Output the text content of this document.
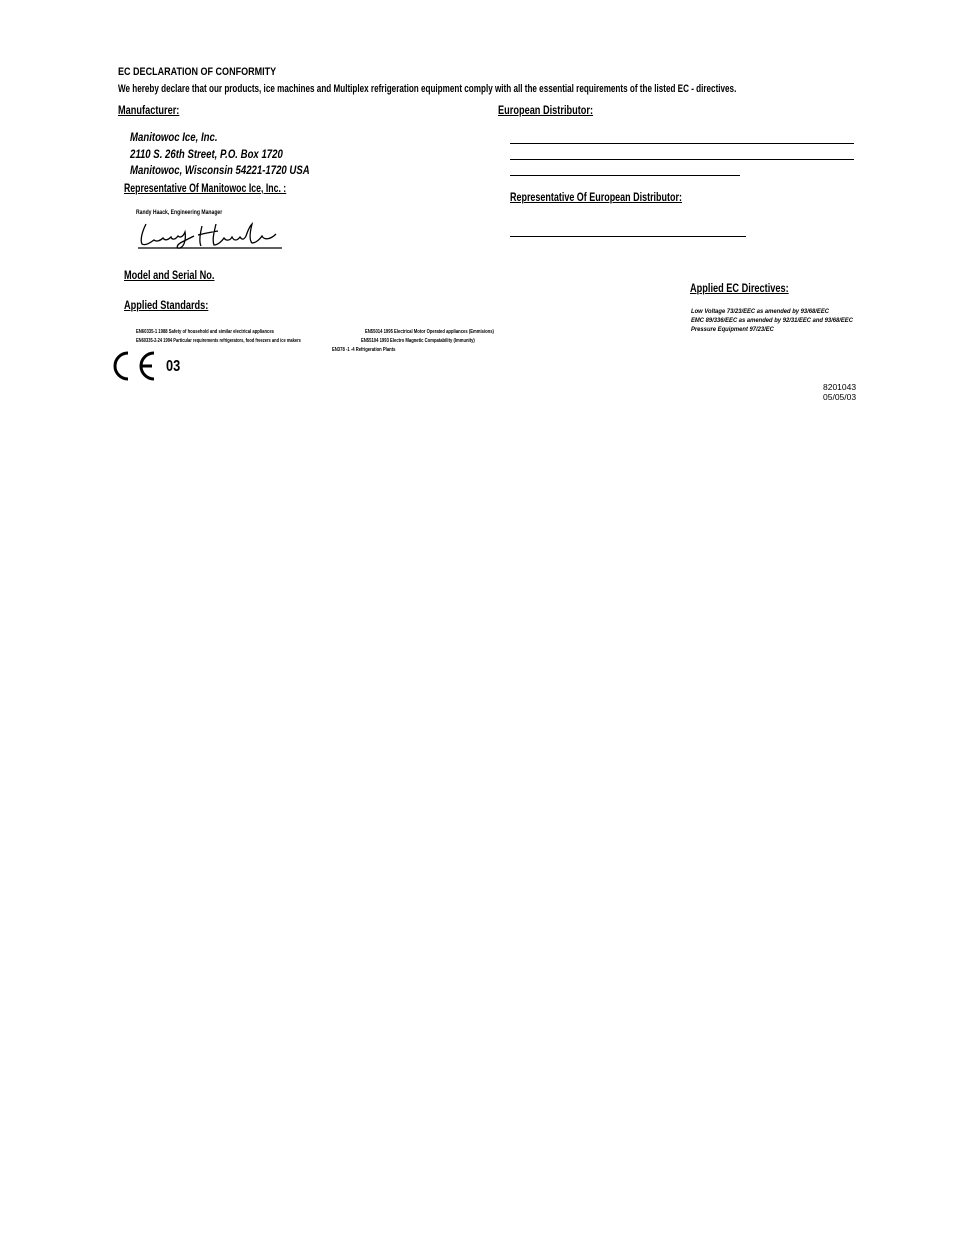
EC DECLARATION OF CONFORMITY
We hereby declare that our products, ice machines and Multiplex refrigeration equipment comply with all the essential requirements of the listed EC - directives.
Manufacturer:
Manitowoc Ice, Inc.
2110 S. 26th Street, P.O. Box 1720
Manitowoc, Wisconsin 54221-1720 USA
Representative Of Manitowoc Ice, Inc. :
Randy Haack, Engineering Manager
European Distributor:
Representative Of European Distributor:
Model and Serial No.
Applied Standards:
EN60335-1 1988 Safety of household and similar electrical appliances
EN60335-2-24 1994 Particular requirements refrigerators, food freezers and ice makers
EN55014 1995 Electrical Motor Operated appliances (Emmisions)
EN55104 1993 Electro Magnetic Compatability (Immunity)
EN378 -1 -4 Refrigeration Plants
03
Applied EC Directives:
Low Voltage 73/23/EEC as amended by 93/68/EEC
EMC 89/336/EEC as amended by 92/31/EEC and 93/68/EEC
Pressure Equipment 97/23/EC
8201043
05/05/03
